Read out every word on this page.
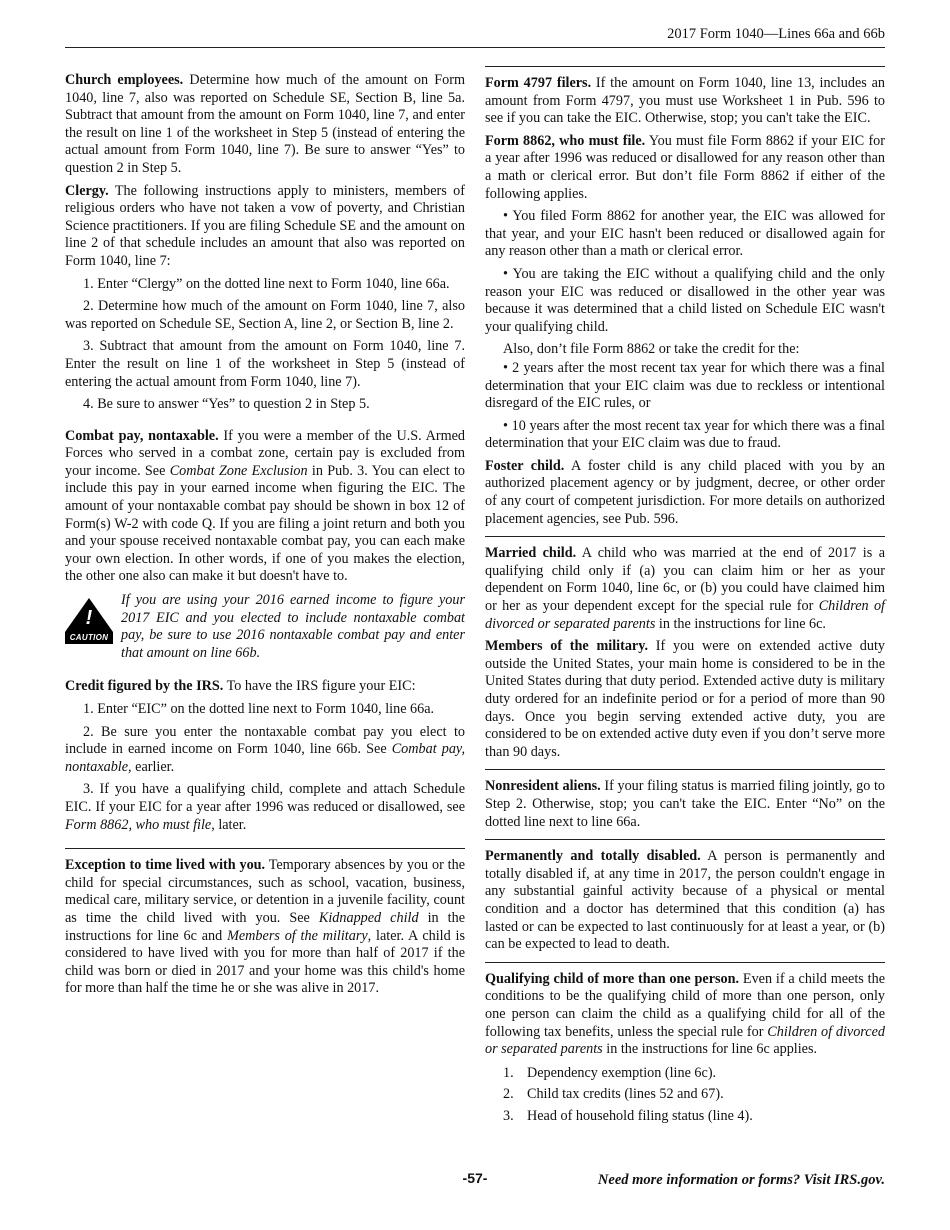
2017 Form 1040—Lines 66a and 66b

Church employees. Determine how much of the amount on Form 1040, line 7, also was reported on Schedule SE, Section B, line 5a. Subtract that amount from the amount on Form 1040, line 7, and enter the result on line 1 of the worksheet in Step 5 (instead of entering the actual amount from Form 1040, line 7). Be sure to answer “Yes” to question 2 in Step 5.

Clergy. The following instructions apply to ministers, members of religious orders who have not taken a vow of poverty, and Christian Science practitioners. If you are filing Schedule SE and the amount on line 2 of that schedule includes an amount that also was reported on Form 1040, line 7:

1. Enter “Clergy” on the dotted line next to Form 1040, line 66a.

2. Determine how much of the amount on Form 1040, line 7, also was reported on Schedule SE, Section A, line 2, or Section B, line 2.

3. Subtract that amount from the amount on Form 1040, line 7. Enter the result on line 1 of the worksheet in Step 5 (instead of entering the actual amount from Form 1040, line 7).

4. Be sure to answer “Yes” to question 2 in Step 5.

Combat pay, nontaxable. If you were a member of the U.S. Armed Forces who served in a combat zone, certain pay is excluded from your income. See Combat Zone Exclusion in Pub. 3. You can elect to include this pay in your earned income when figuring the EIC. The amount of your nontaxable combat pay should be shown in box 12 of Form(s) W-2 with code Q. If you are filing a joint return and both you and your spouse received nontaxable combat pay, you can each make your own election. In other words, if one of you makes the election, the other one also can make it but doesn't have to.

!
CAUTION
If you are using your 2016 earned income to figure your 2017 EIC and you elected to include nontaxable combat pay, be sure to use 2016 nontaxable combat pay and enter that amount on line 66b.

Credit figured by the IRS. To have the IRS figure your EIC:

1. Enter “EIC” on the dotted line next to Form 1040, line 66a.

2. Be sure you enter the nontaxable combat pay you elect to include in earned income on Form 1040, line 66b. See Combat pay, nontaxable, earlier.

3. If you have a qualifying child, complete and attach Schedule EIC. If your EIC for a year after 1996 was reduced or disallowed, see Form 8862, who must file, later.

Exception to time lived with you. Temporary absences by you or the child for special circumstances, such as school, vacation, business, medical care, military service, or detention in a juvenile facility, count as time the child lived with you. See Kidnapped child in the instructions for line 6c and Members of the military, later. A child is considered to have lived with you for more than half of 2017 if the child was born or died in 2017 and your home was this child's home for more than half the time he or she was alive in 2017.

Form 4797 filers. If the amount on Form 1040, line 13, includes an amount from Form 4797, you must use Worksheet 1 in Pub. 596 to see if you can take the EIC. Otherwise, stop; you can't take the EIC.

Form 8862, who must file. You must file Form 8862 if your EIC for a year after 1996 was reduced or disallowed for any reason other than a math or clerical error. But don’t file Form 8862 if either of the following applies.

• You filed Form 8862 for another year, the EIC was allowed for that year, and your EIC hasn't been reduced or disallowed again for any reason other than a math or clerical error.

• You are taking the EIC without a qualifying child and the only reason your EIC was reduced or disallowed in the other year was because it was determined that a child listed on Schedule EIC wasn't your qualifying child.

Also, don’t file Form 8862 or take the credit for the:

• 2 years after the most recent tax year for which there was a final determination that your EIC claim was due to reckless or intentional disregard of the EIC rules, or

• 10 years after the most recent tax year for which there was a final determination that your EIC claim was due to fraud.

Foster child. A foster child is any child placed with you by an authorized placement agency or by judgment, decree, or other order of any court of competent jurisdiction. For more details on authorized placement agencies, see Pub. 596.

Married child. A child who was married at the end of 2017 is a qualifying child only if (a) you can claim him or her as your dependent on Form 1040, line 6c, or (b) you could have claimed him or her as your dependent except for the special rule for Children of divorced or separated parents in the instructions for line 6c.

Members of the military. If you were on extended active duty outside the United States, your main home is considered to be in the United States during that duty period. Extended active duty is military duty ordered for an indefinite period or for a period of more than 90 days. Once you begin serving extended active duty, you are considered to be on extended active duty even if you don’t serve more than 90 days.

Nonresident aliens. If your filing status is married filing jointly, go to Step 2. Otherwise, stop; you can't take the EIC. Enter “No” on the dotted line next to line 66a.

Permanently and totally disabled. A person is permanently and totally disabled if, at any time in 2017, the person couldn't engage in any substantial gainful activity because of a physical or mental condition and a doctor has determined that this condition (a) has lasted or can be expected to last continuously for at least a year, or (b) can be expected to lead to death.

Qualifying child of more than one person. Even if a child meets the conditions to be the qualifying child of more than one person, only one person can claim the child as a qualifying child for all of the following tax benefits, unless the special rule for Children of divorced or separated parents in the instructions for line 6c applies.

1. Dependency exemption (line 6c).
2. Child tax credits (lines 52 and 67).
3. Head of household filing status (line 4).
-57-	Need more information or forms? Visit IRS.gov.
